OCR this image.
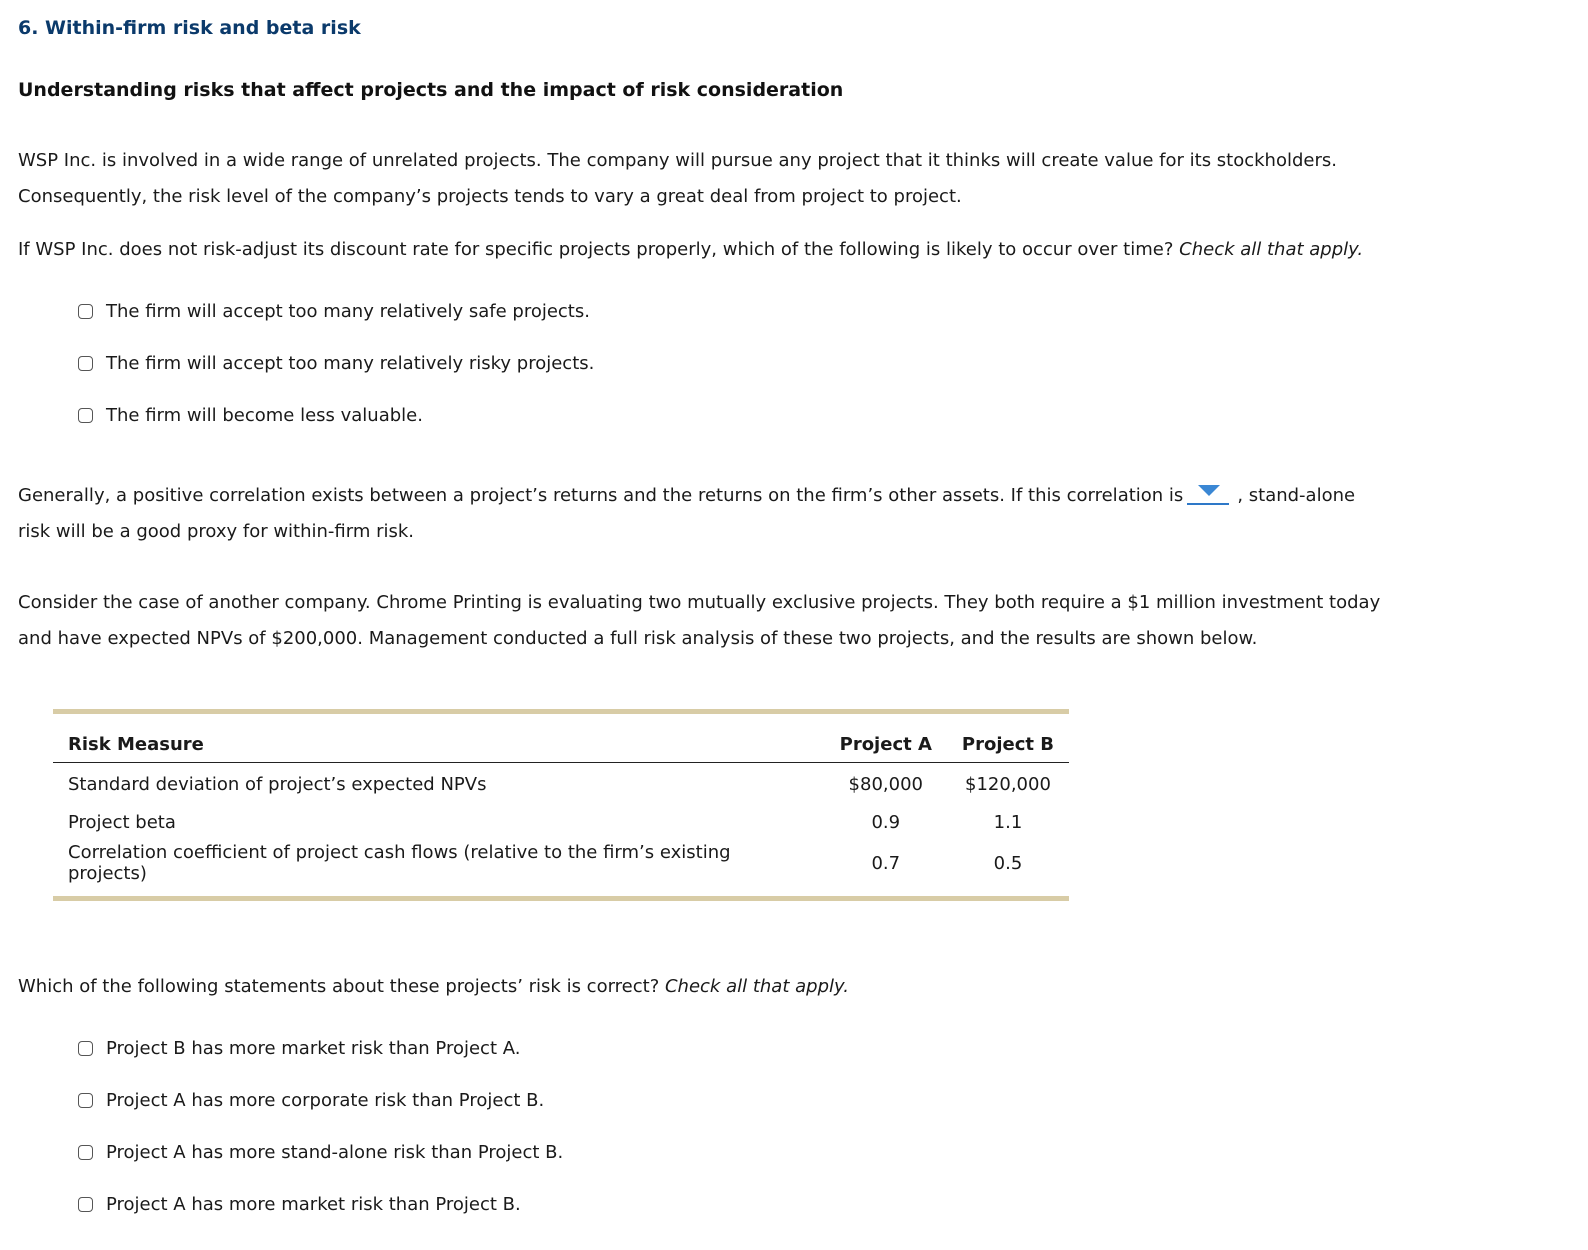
6. Within-firm risk and beta risk
Understanding risks that affect projects and the impact of risk consideration

WSP Inc. is involved in a wide range of unrelated projects. The company will pursue any project that it thinks will create value for its stockholders.

Consequently, the risk level of the company’s projects tends to vary a great deal from project to project.

If WSP Inc. does not risk-adjust its discount rate for specific projects properly, which of the following is likely to occur over time? Check all that apply.

The firm will accept too many relatively safe projects.
The firm will accept too many relatively risky projects.
The firm will become less valuable.

Generally, a positive correlation exists between a project’s returns and the returns on the firm’s other assets. If this correlation is	, stand-alone

risk will be a good proxy for within-firm risk.

Consider the case of another company. Chrome Printing is evaluating two mutually exclusive projects. They both require a $1 million investment today

and have expected NPVs of $200,000. Management conducted a full risk analysis of these two projects, and the results are shown below.

Risk Measure	Project A	Project B
Standard deviation of project’s expected NPVs	$80,000	$120,000
Project beta	0.9	1.1
Correlation coefficient of project cash flows (relative to the firm’s existing projects)	0.7	0.5

Which of the following statements about these projects’ risk is correct? Check all that apply.

Project B has more market risk than Project A.
Project A has more corporate risk than Project B.
Project A has more stand-alone risk than Project B.
Project A has more market risk than Project B.
